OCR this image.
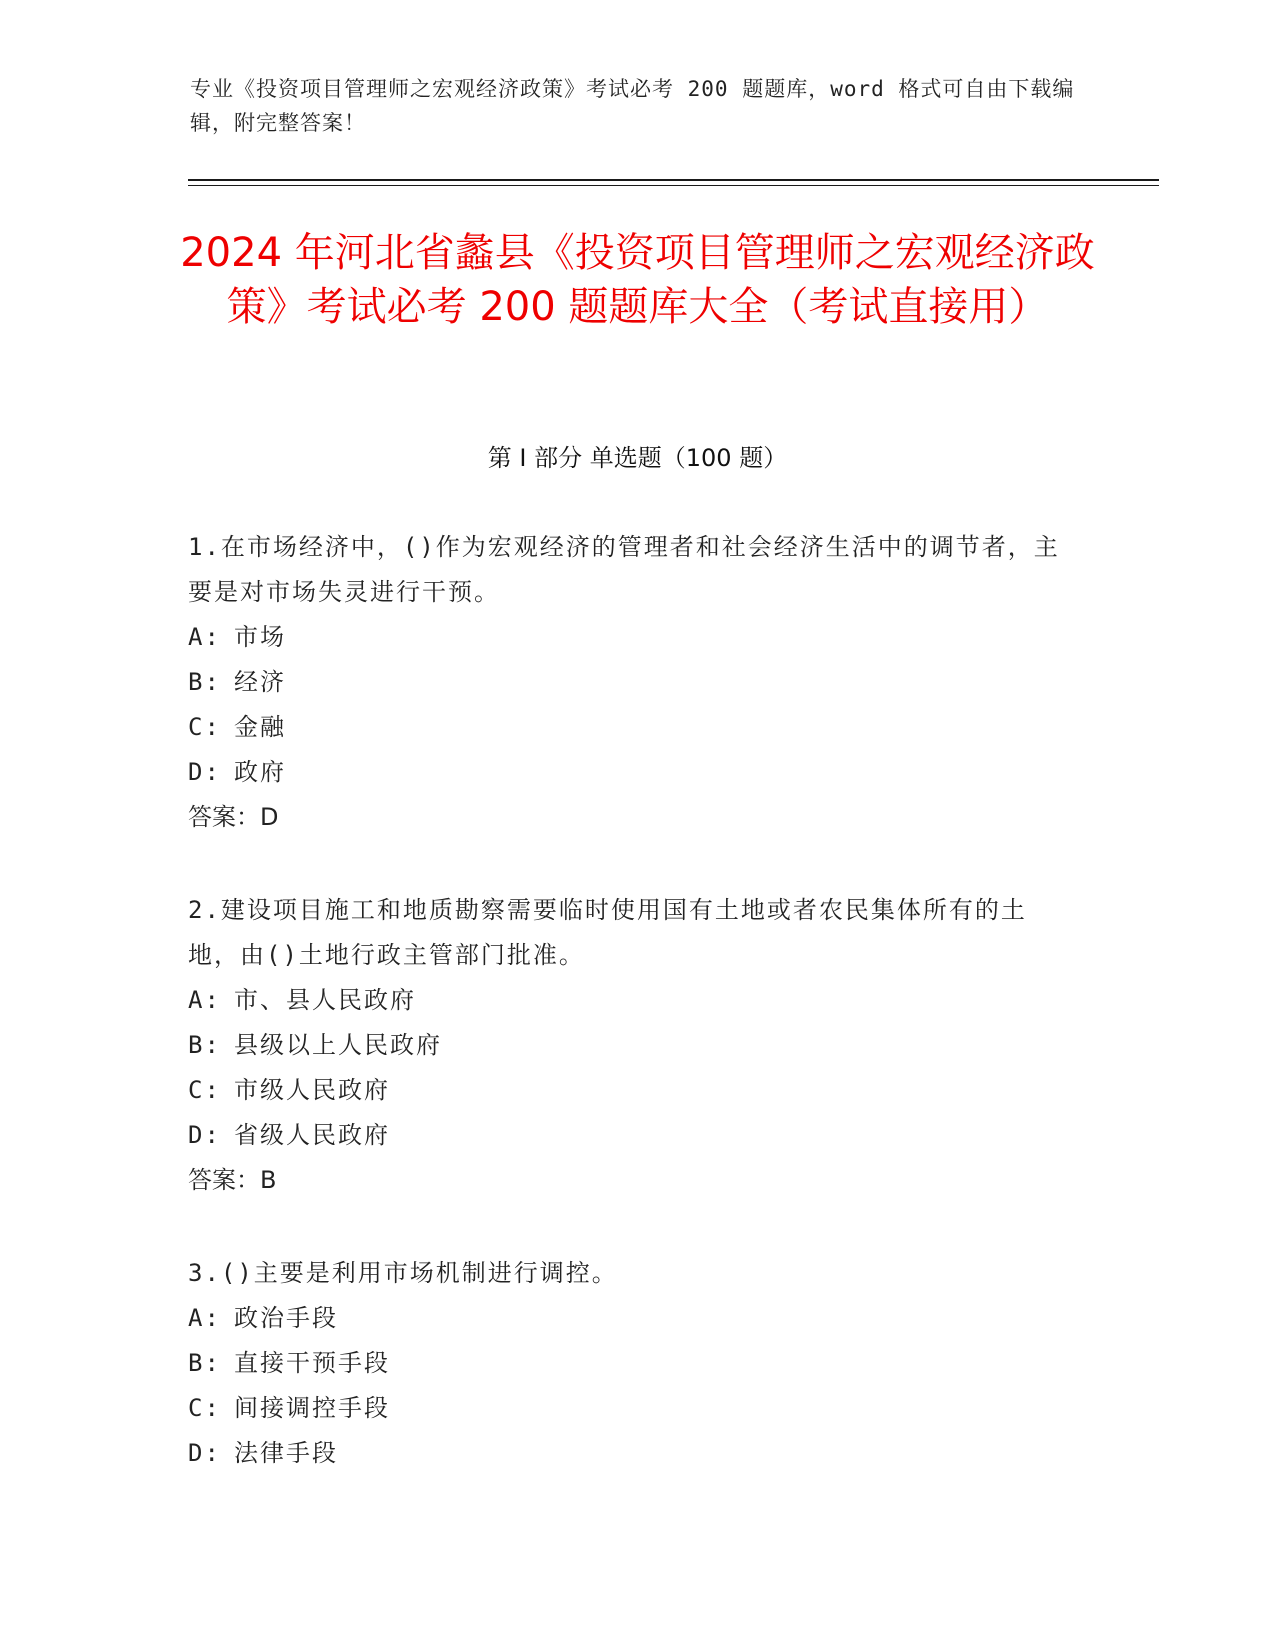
专业《投资项目管理师之宏观经济政策》考试必考 200 题题库，word 格式可自由下载编辑，附完整答案！
2024 年河北省蠡县《投资项目管理师之宏观经济政策》考试必考 200 题题库大全（考试直接用）
第 I 部分 单选题（100 题）

1.在市场经济中，()作为宏观经济的管理者和社会经济生活中的调节者，主要是对市场失灵进行干预。

A: 市场

B: 经济

C: 金融

D: 政府

答案：D

2.建设项目施工和地质勘察需要临时使用国有土地或者农民集体所有的土地，由()土地行政主管部门批准。

A: 市、县人民政府

B: 县级以上人民政府

C: 市级人民政府

D: 省级人民政府

答案：B

3.()主要是利用市场机制进行调控。

A: 政治手段

B: 直接干预手段

C: 间接调控手段

D: 法律手段
